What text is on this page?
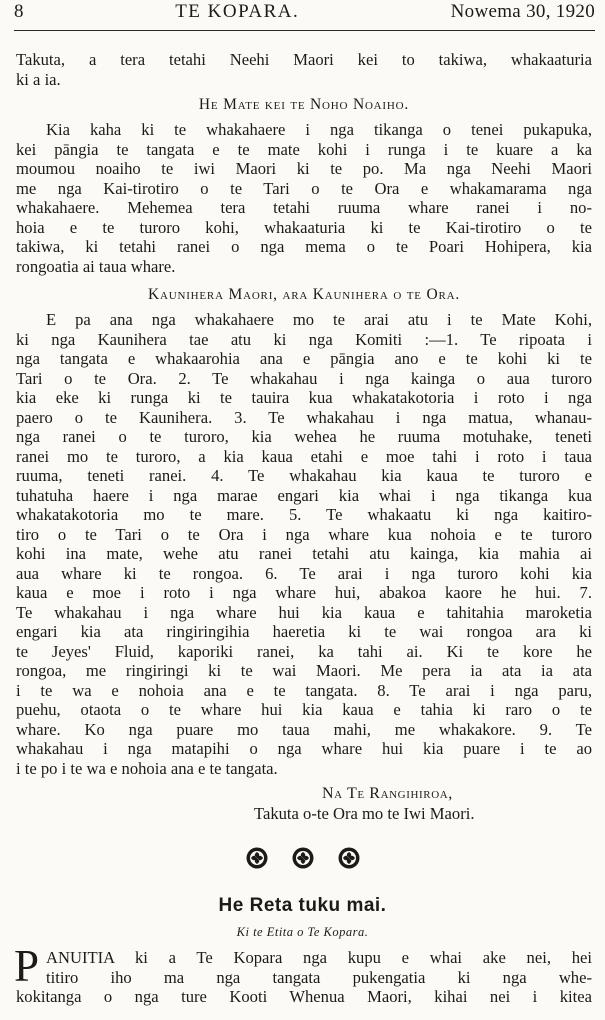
8	TE KOPARA.	Nowema 30, 1920
Takuta, a tera tetahi Neehi Maori kei to takiwa, whakaaturia
ki a ia.
He Mate kei te Noho Noaiho.
Kia kaha ki te whakahaere i nga tikanga o tenei pukapuka,
kei pāngia te tangata e te mate kohi i runga i te kuare a ka
moumou noaiho te iwi Maori ki te po. Ma nga Neehi Maori
me nga Kai-tirotiro o te Tari o te Ora e whakamarama nga
whakahaere. Mehemea tera tetahi ruuma whare ranei i no-
hoia e te turoro kohi, whakaaturia ki te Kai-tirotiro o te
takiwa, ki tetahi ranei o nga mema o te Poari Hohipera, kia
rongoatia ai taua whare.
Kaunihera Maori, ara Kaunihera o te Ora.
E pa ana nga whakahaere mo te arai atu i te Mate Kohi,
ki nga Kaunihera tae atu ki nga Komiti :—1. Te ripoata i
nga tangata e whakaarohia ana e pāngia ano e te kohi ki te
Tari o te Ora. 2. Te whakahau i nga kainga o aua turoro
kia eke ki runga ki te tauira kua whakatakotoria i roto i nga
paero o te Kaunihera. 3. Te whakahau i nga matua, whanau-
nga ranei o te turoro, kia wehea he ruuma motuhake, teneti
ranei mo te turoro, a kia kaua etahi e moe tahi i roto i taua
ruuma, teneti ranei. 4. Te whakahau kia kaua te turoro e
tuhatuha haere i nga marae engari kia whai i nga tikanga kua
whakatakotoria mo te mare. 5. Te whakaatu ki nga kaitiro-
tiro o te Tari o te Ora i nga whare kua nohoia e te turoro
kohi ina mate, wehe atu ranei tetahi atu kainga, kia mahia ai
aua whare ki te rongoa. 6. Te arai i nga turoro kohi kia
kaua e moe i roto i nga whare hui, abakoa kaore he hui. 7.
Te whakahau i nga whare hui kia kaua e tahitahia maroketia
engari kia ata ringiringihia haeretia ki te wai rongoa ara ki
te Jeyes' Fluid, kaporiki ranei, ka tahi ai. Ki te kore he
rongoa, me ringiringi ki te wai Maori. Me pera ia ata ia ata
i te wa e nohoia ana e te tangata. 8. Te arai i nga paru,
puehu, otaota o te whare hui kia kaua e tahia ki raro o te
whare. Ko nga puare mo taua mahi, me whakakore. 9. Te
whakahau i nga matapihi o nga whare hui kia puare i te ao
i te po i te wa e nohoia ana e te tangata.
Na Te Rangihiroa,
Takuta o-te Ora mo te Iwi Maori.
He Reta tuku mai.
Ki te Etita o Te Kopara.
P ANUITIA ki a Te Kopara nga kupu e whai ake nei, hei
titiro iho ma nga tangata pukengatia ki nga whe-
kokitanga o nga ture Kooti Whenua Maori, kihai nei i kitea
